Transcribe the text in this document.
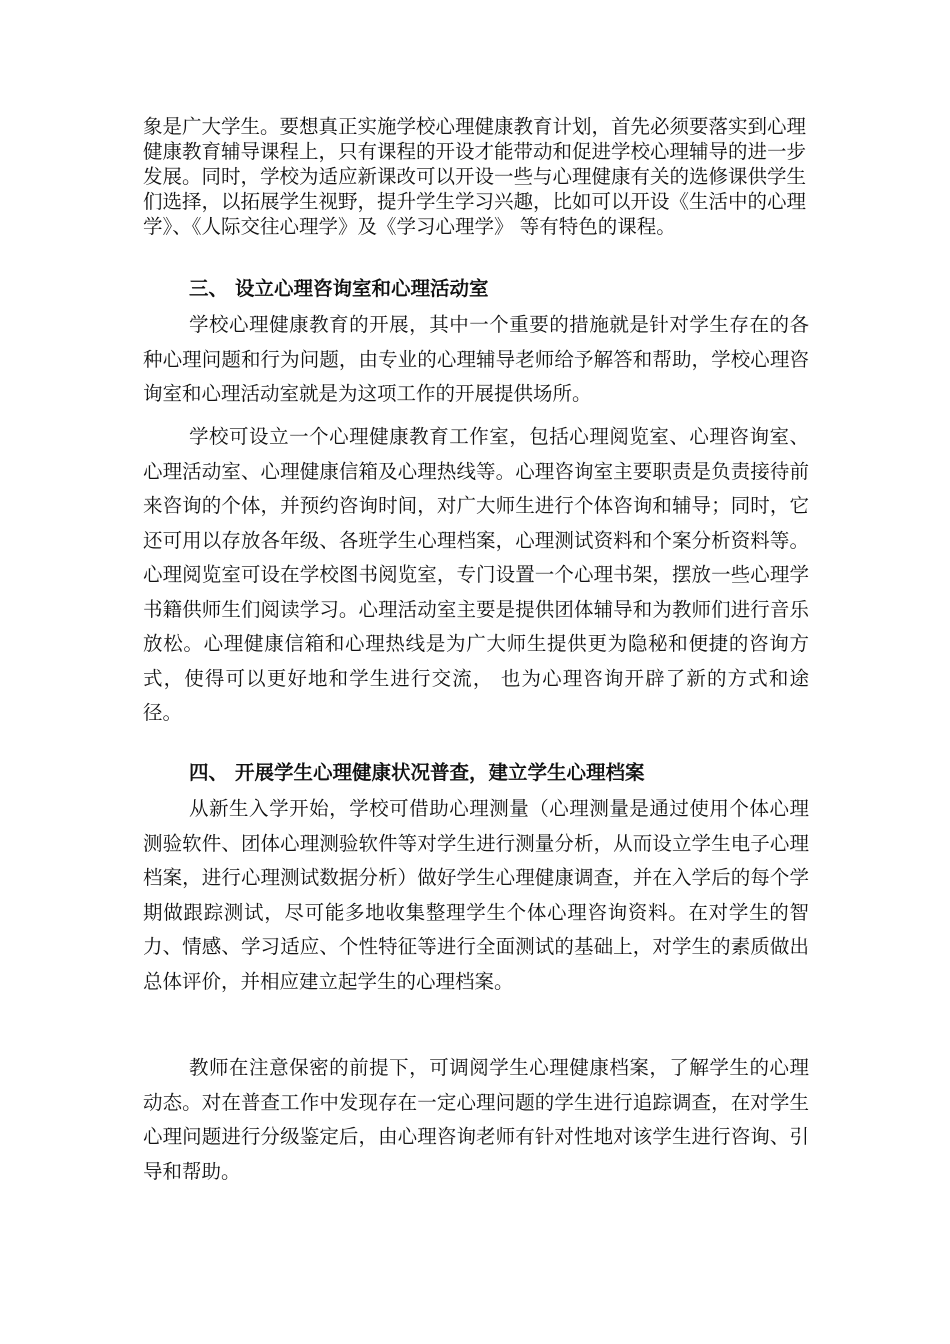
象是广大学生。要想真正实施学校心理健康教育计划，首先必须要落实到心理健康教育辅导课程上，只有课程的开设才能带动和促进学校心理辅导的进一步发展。同时，学校为适应新课改可以开设一些与心理健康有关的选修课供学生们选择，以拓展学生视野，提升学生学习兴趣，比如可以开设《生活中的心理学》、《人际交往心理学》及《学习心理学》 等有特色的课程。

三、 设立心理咨询室和心理活动室

学校心理健康教育的开展，其中一个重要的措施就是针对学生存在的各种心理问题和行为问题，由专业的心理辅导老师给予解答和帮助，学校心理咨询室和心理活动室就是为这项工作的开展提供场所。

学校可设立一个心理健康教育工作室，包括心理阅览室、心理咨询室、心理活动室、心理健康信箱及心理热线等。心理咨询室主要职责是负责接待前来咨询的个体，并预约咨询时间，对广大师生进行个体咨询和辅导；同时，它还可用以存放各年级、各班学生心理档案，心理测试资料和个案分析资料等。心理阅览室可设在学校图书阅览室，专门设置一个心理书架，摆放一些心理学书籍供师生们阅读学习。心理活动室主要是提供团体辅导和为教师们进行音乐放松。心理健康信箱和心理热线是为广大师生提供更为隐秘和便捷的咨询方式，使得可以更好地和学生进行交流， 也为心理咨询开辟了新的方式和途径。

四、 开展学生心理健康状况普查，建立学生心理档案

从新生入学开始，学校可借助心理测量（心理测量是通过使用个体心理测验软件、团体心理测验软件等对学生进行测量分析，从而设立学生电子心理档案，进行心理测试数据分析）做好学生心理健康调查，并在入学后的每个学期做跟踪测试，尽可能多地收集整理学生个体心理咨询资料。在对学生的智力、情感、学习适应、个性特征等进行全面测试的基础上，对学生的素质做出总体评价，并相应建立起学生的心理档案。

教师在注意保密的前提下，可调阅学生心理健康档案，了解学生的心理动态。对在普查工作中发现存在一定心理问题的学生进行追踪调查，在对学生心理问题进行分级鉴定后，由心理咨询老师有针对性地对该学生进行咨询、引导和帮助。
